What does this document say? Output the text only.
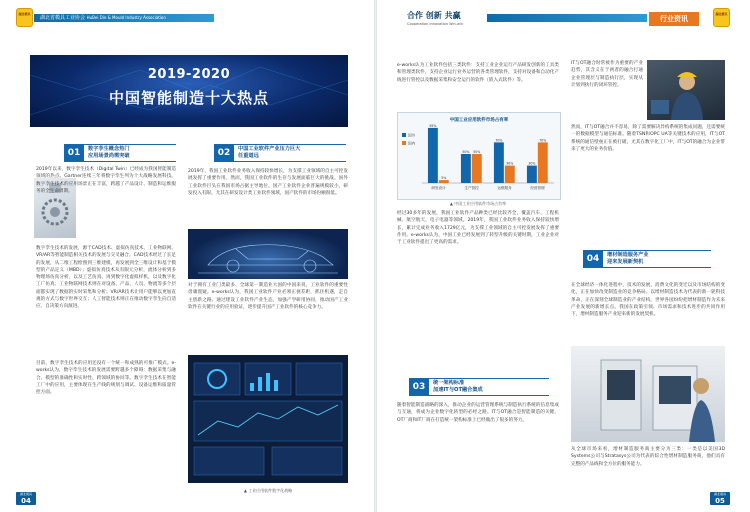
湖北模具
湖北省模具工业协会 HuBei Die & Mould Industry Association
2019-2020
中国智能制造十大热点
01	数字孪生概念热门
应用场景尚需突破

2019年以来，数字孪生技术（Digital Twin）已经成为我国智能制造领域的热点。Gartner连续三年将数字孪生列为十大战略发展科技。数字孪生技术的应用场景正在丰富，跨越了产品设计、制造和运维服务的全生命周期。

数字孪生技术的发展，源于CAD技术、虚拟仿真技术、工业物联网、VR/AR等智能制造相关技术的发展与交叉融合。CAD技术经过了长足的发展，从二维工程绘图到三维建模，再发展到全三维设计和基于模型的产品定义（MBD）；虚拟仿真技术从有限元分析，流体分析到多物理场仿真分析，以及工艺仿真、再到数字化虚拟样机，以及数字化工厂仿真；工业物联网技术则在对设备、产品、人员、物流等多个层面都实现了数据的实时采集和分析；VR/AR技术让用户能够以更加直观的方式与数字世界交互；人工智能技术则正在推动数字孪生向自适应、自决策方向演进。

目前，数字孪生技术的应用还没有一个统一和成熟的可推广模式。e-works认为，数字孪生技术的发展需要跨越多个障碍：数据采集与融合、模型的准确性和实时性、跨领域的协同等。数字孪生技术在智能工厂中的应用，主要体现在生产线的规划与调试、设备运维和质量管控方面。

02	中国工业软件产业压力巨大
任重道远

2019年，我国工业软件业务收入保持较快增长，为支撑工业领域的自主可控发展发挥了重要作用。然而，我国工业软件的生存与发展面临巨大的挑战。国外工业软件巨头在我国市场占据主导地位。国产工业软件企业普遍规模较小，研发投入有限。尤其在研发设计类工业软件领域，国产软件的市场份额很低。

对于拥有工业门类最多、全球第一制造业大国的中国来说，工业软件的重要性毋庸置疑。e-works认为，我国工业软件产业必须正视差距，抓住机遇，走自主创新之路。通过建设工业软件产业生态，加强产学研用协同，推动国产工业软件在关键行业的应用验证，逐步提升国产工业软件的核心竞争力。

▲ 工业应用软件数字化战略
湖北模具
04
合作 创新 共赢
Cooperation Innovation Win-win
行业资讯
湖北模具

e-works认为工业软件包括三类软件：支持工业企业运行产品研发创新的工具类和管理类软件，支持企业运行业务运营的各类管理软件，支持对设备和自动化产线进行管控以及数据采集和安全运行的软件（嵌入式软件）等。

中国工业应用软件市场占有率
95%
5%
研发设计
50% 50%
生产管控
70%
30%
运维服务
30%
70%
经营管理
国外
国内
▲ 中国工业应用软件市场占有率

经过30多年的发展，我国工业软件产品种类已经比较齐全，覆盖汽车、工程机械、航空航天、电子电器等领域。2019年，我国工业软件业务收入保持较快增长，累计完成业务收入1729亿元，为支撑工业领域的自主可控发展发挥了重要作用。e-works认为，中国工业已经发展到了转型升级的关键时期，工业企业对于工业软件提出了更高的需求。

03	统一架构标准
加速IT与OT融合集成

随着智能制造战略的深入，推动企业的运营管理系统与制造执行系统的信息集成与互通，将成为企业数字化转型的必经之路。IT与OT融合是智能制造的关键，OT厂商和IT厂商在打造统一架构标准上已经做出了很多的努力。

IT与OT融合时常被作为重要的产业趋势，其含义在于两者的融合打通企业管理层与制造执行层，实现从计划到执行的闭环管控。

然而，IT与OT融合并不容易，除了需要解决异构系统的集成问题，还需要统一的数据模型与通信标准。随着TSN和OPC UA等关键技术的应用，IT与OT系统的通信壁垒正在被打破，尤其在数字化工厂中，IT与OT的融合为企业带来了更大的业务价值。

04	增材制造服务产业
迎来发展新契机

在全球经济一体化进程中，技术的发展，消费文化的变迁以及市场结构的变化，正在加快改变制造业的竞争格局。以增材制造技术为代表的新一轮科技革命，正在深刻全球制造业的产业结构。世界各国纷纷把增材制造作为未来产业发展的新增长点。我国在政策引领、市场需求和技术进步的共同作用下，增材制造服务产业迎来新的发展契机。

从全球市场来看，增材制造服务商主要分为三类：一类是以美国3D Systems公司与Stratasys公司为代表的综合性增材制造服务商，他们具有完整的产品线和全方位的服务能力。

湖北模具
05
